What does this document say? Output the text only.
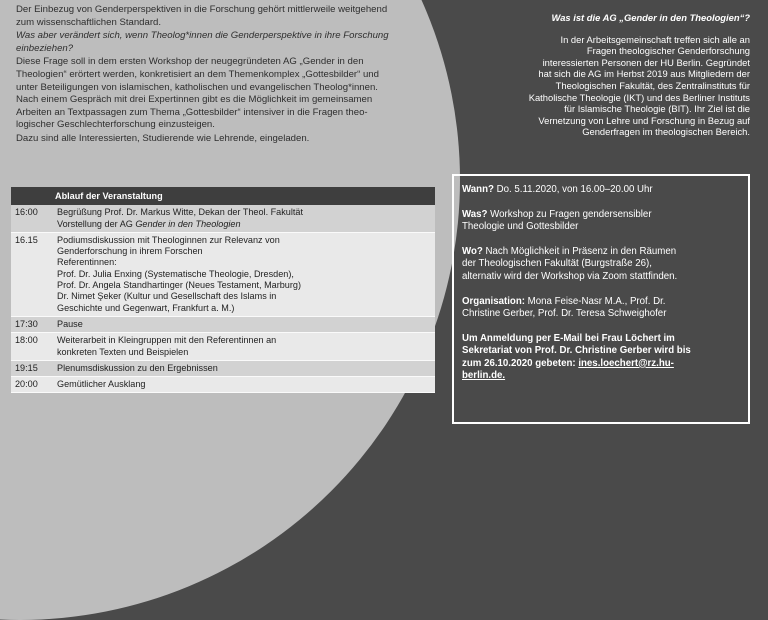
Der Einbezug von Genderperspektiven in die Forschung gehört mittlerweile weitgehend
zum wissenschaftlichen Standard.

Was aber verändert sich, wenn Theolog*innen die Genderperspektive in ihre Forschung
einbeziehen?

Diese Frage soll in dem ersten Workshop der neugegründeten AG „Gender in den
Theologien“ erörtert werden, konkretisiert an dem Themenkomplex „Gottesbilder“ und
unter Beteiligungen von islamischen, katholischen und evangelischen Theolog*innen.
Nach einem Gespräch mit drei Expertinnen gibt es die Möglichkeit im gemeinsamen
Arbeiten an Textpassagen zum Thema „Gottesbilder“ intensiver in die Fragen theo-
logischer Geschlechterforschung einzusteigen.

Dazu sind alle Interessierten, Studierende wie Lehrende, eingeladen.

Ablauf der Veranstaltung
16:00	Begrüßung Prof. Dr. Markus Witte, Dekan der Theol. Fakultät
Vorstellung der AG Gender in den Theologien
16.15	Podiumsdiskussion mit Theologinnen zur Relevanz von
Genderforschung in ihrem Forschen
Referentinnen:
Prof. Dr. Julia Enxing (Systematische Theologie, Dresden),
Prof. Dr. Angela Standhartinger (Neues Testament, Marburg)
Dr. Nimet Şeker (Kultur und Gesellschaft des Islams in
Geschichte und Gegenwart, Frankfurt a. M.)
17:30	Pause
18:00	Weiterarbeit in Kleingruppen mit den Referentinnen an
konkreten Texten und Beispielen
19:15	Plenumsdiskussion zu den Ergebnissen
20:00	Gemütlicher Ausklang
Was ist die AG „Gender in den Theologien“?
In der Arbeitsgemeinschaft treffen sich alle an
Fragen theologischer Genderforschung
interessierten Personen der HU Berlin. Gegründet
hat sich die AG im Herbst 2019 aus Mitgliedern der
Theologischen Fakultät, des Zentralinstituts für
Katholische Theologie (IKT) und des Berliner Instituts
für Islamische Theologie (BIT). Ihr Ziel ist die
Vernetzung von Lehre und Forschung in Bezug auf
Genderfragen im theologischen Bereich.
Wann? Do. 5.11.2020, von 16.00–20.00 Uhr
Was? Workshop zu Fragen gendersensibler
Theologie und Gottesbilder
Wo? Nach Möglichkeit in Präsenz in den Räumen
der Theologischen Fakultät (Burgstraße 26),
alternativ wird der Workshop via Zoom stattfinden.
Organisation: Mona Feise-Nasr M.A., Prof. Dr.
Christine Gerber, Prof. Dr. Teresa Schweighofer
Um Anmeldung per E-Mail bei Frau Löchert im
Sekretariat von Prof. Dr. Christine Gerber wird bis
zum 26.10.2020 gebeten: ines.loechert@rz.hu-
berlin.de.
